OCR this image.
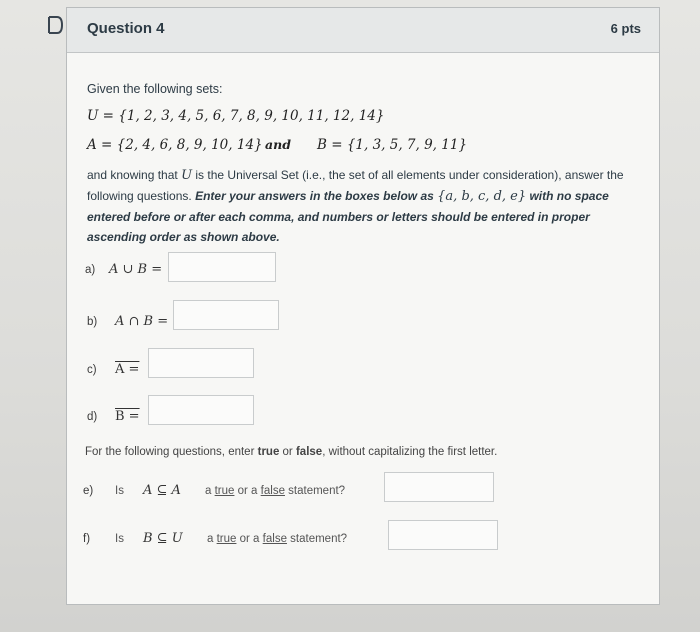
Question 4	6 pts
Given the following sets:
U = {1, 2, 3, 4, 5, 6, 7, 8, 9, 10, 11, 12, 14}
A = {2, 4, 6, 8, 9, 10, 14} and B = {1, 3, 5, 7, 9, 11}
and knowing that U is the Universal Set (i.e., the set of all elements under consideration), answer the following questions. Enter your answers in the boxes below as {a, b, c, d, e} with no space entered before or after each comma, and numbers or letters should be entered in proper ascending order as shown above.
a) A ∪ B =
b) A ∩ B =
c) A =
d) B =
For the following questions, enter true or false, without capitalizing the first letter.
e) Is A ⊆ A a true or a false statement?
f) Is B ⊆ U a true or a false statement?
